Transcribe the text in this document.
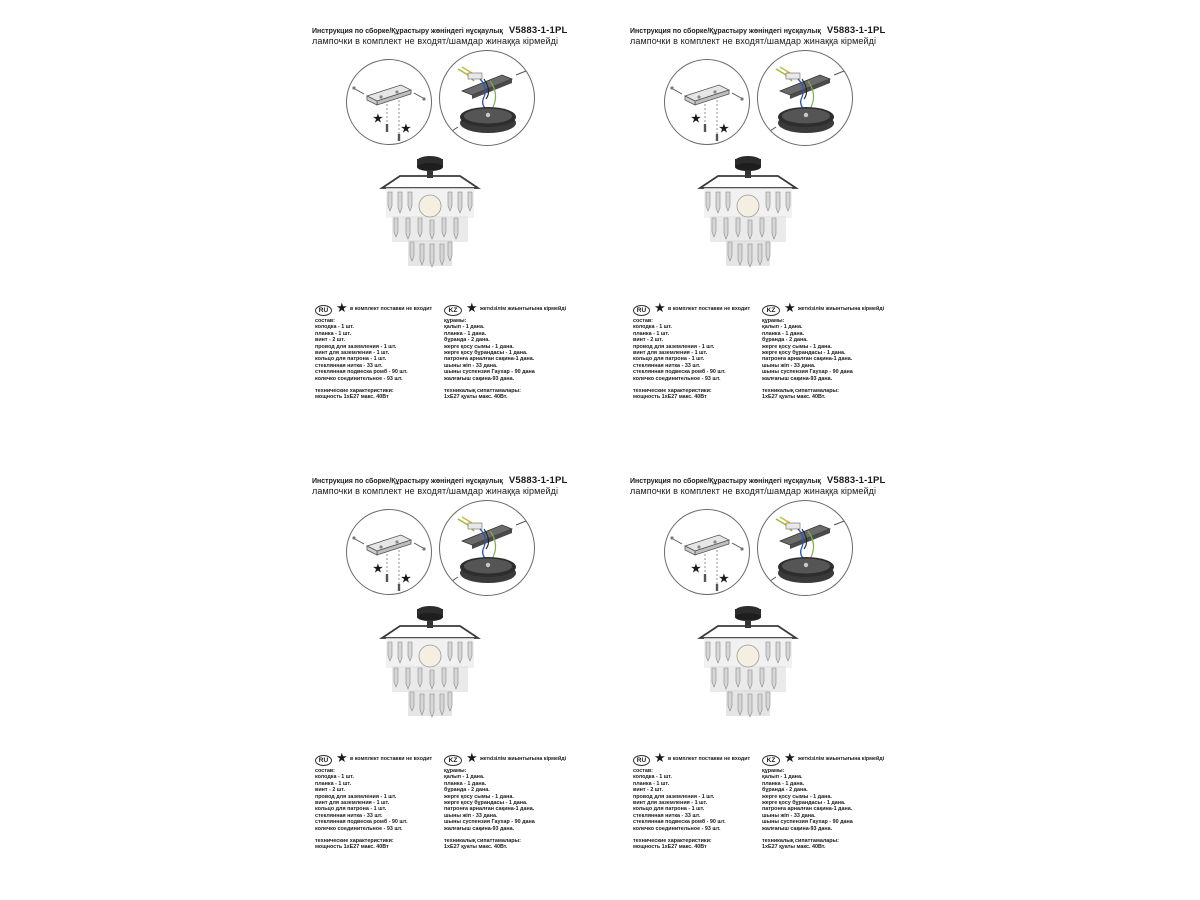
Инструкция по сборке/Құрастыру жөніндегі нұсқаулық V5883-1-1PL
лампочки в комплект не входят/шамдар жинаққа кірмейді
★
★
RU ★ в комплект поставки не входит	KZ ★ жеткізілім жиынтығына кірмейді
состав:
колодка - 1 шт.
планка - 1 шт.
винт - 2 шт.
провод для заземления - 1 шт.
винт для заземления - 1 шт.
кольцо для патрона - 1 шт.
стеклянная нитка - 33 шт.
стеклянная подвеска ромб - 90 шт.
колечко соединительное - 93 шт.
технические характеристики:
мощность 1хE27 макс. 40Вт
құрамы:
қалып - 1 дана.
планка - 1 дана.
бұранда - 2 дана.
жерге қосу сымы - 1 дана.
жерге қосу бұрандасы - 1 дана.
патронға арналған сақина-1 дана.
шыны жіп - 33 дана.
шыны суспензия Гаухар - 90 дана
жалғағыш сақина-93 дана.
техникалық сипаттамалары:
1хE27 қуаты макс. 40Вт.
Инструкция по сборке/Құрастыру жөніндегі нұсқаулық V5883-1-1PL
лампочки в комплект не входят/шамдар жинаққа кірмейді
★
★
RU ★ в комплект поставки не входит	KZ ★ жеткізілім жиынтығына кірмейді
состав:
колодка - 1 шт.
планка - 1 шт.
винт - 2 шт.
провод для заземления - 1 шт.
винт для заземления - 1 шт.
кольцо для патрона - 1 шт.
стеклянная нитка - 33 шт.
стеклянная подвеска ромб - 90 шт.
колечко соединительное - 93 шт.
технические характеристики:
мощность 1хE27 макс. 40Вт
құрамы:
қалып - 1 дана.
планка - 1 дана.
бұранда - 2 дана.
жерге қосу сымы - 1 дана.
жерге қосу бұрандасы - 1 дана.
патронға арналған сақина-1 дана.
шыны жіп - 33 дана.
шыны суспензия Гаухар - 90 дана
жалғағыш сақина-93 дана.
техникалық сипаттамалары:
1хE27 қуаты макс. 40Вт.
Инструкция по сборке/Құрастыру жөніндегі нұсқаулық V5883-1-1PL
лампочки в комплект не входят/шамдар жинаққа кірмейді
★
★
RU ★ в комплект поставки не входит	KZ ★ жеткізілім жиынтығына кірмейді
состав:
колодка - 1 шт.
планка - 1 шт.
винт - 2 шт.
провод для заземления - 1 шт.
винт для заземления - 1 шт.
кольцо для патрона - 1 шт.
стеклянная нитка - 33 шт.
стеклянная подвеска ромб - 90 шт.
колечко соединительное - 93 шт.
технические характеристики:
мощность 1хE27 макс. 40Вт
құрамы:
қалып - 1 дана.
планка - 1 дана.
бұранда - 2 дана.
жерге қосу сымы - 1 дана.
жерге қосу бұрандасы - 1 дана.
патронға арналған сақина-1 дана.
шыны жіп - 33 дана.
шыны суспензия Гаухар - 90 дана
жалғағыш сақина-93 дана.
техникалық сипаттамалары:
1хE27 қуаты макс. 40Вт.
Инструкция по сборке/Құрастыру жөніндегі нұсқаулық V5883-1-1PL
лампочки в комплект не входят/шамдар жинаққа кірмейді
★
★
RU ★ в комплект поставки не входит	KZ ★ жеткізілім жиынтығына кірмейді
состав:
колодка - 1 шт.
планка - 1 шт.
винт - 2 шт.
провод для заземления - 1 шт.
винт для заземления - 1 шт.
кольцо для патрона - 1 шт.
стеклянная нитка - 33 шт.
стеклянная подвеска ромб - 90 шт.
колечко соединительное - 93 шт.
технические характеристики:
мощность 1хE27 макс. 40Вт
құрамы:
қалып - 1 дана.
планка - 1 дана.
бұранда - 2 дана.
жерге қосу сымы - 1 дана.
жерге қосу бұрандасы - 1 дана.
патронға арналған сақина-1 дана.
шыны жіп - 33 дана.
шыны суспензия Гаухар - 90 дана
жалғағыш сақина-93 дана.
техникалық сипаттамалары:
1хE27 қуаты макс. 40Вт.
